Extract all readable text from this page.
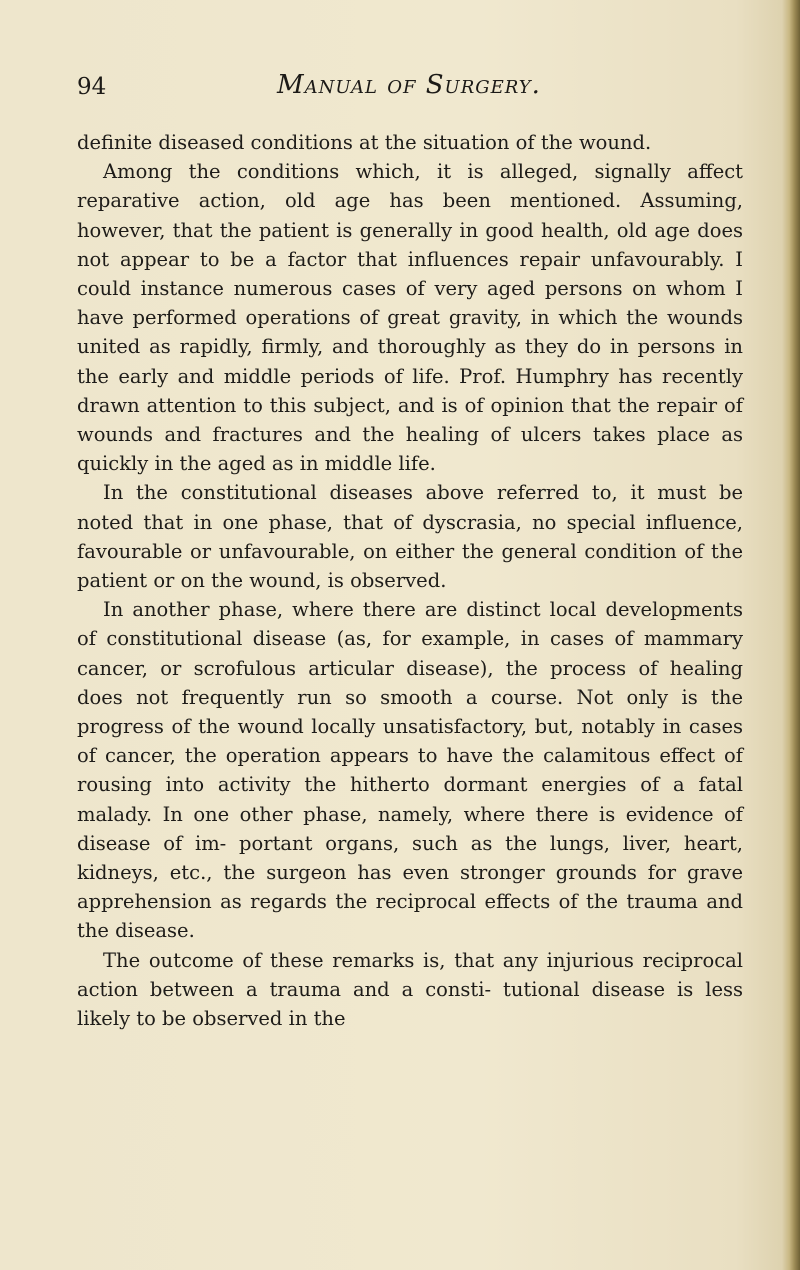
94	Manual of Surgery.

definite diseased conditions at the situation of the wound.

Among the conditions which, it is alleged, signally affect reparative action, old age has been mentioned. Assuming, however, that the patient is generally in good health, old age does not appear to be a factor that influences repair unfavourably. I could instance numerous cases of very aged persons on whom I have performed operations of great gravity, in which the wounds united as rapidly, firmly, and thoroughly as they do in persons in the early and middle periods of life. Prof. Humphry has recently drawn attention to this subject, and is of opinion that the repair of wounds and fractures and the healing of ulcers takes place as quickly in the aged as in middle life.

In the constitutional diseases above referred to, it must be noted that in one phase, that of dyscrasia, no special influence, favourable or unfavourable, on either the general condition of the patient or on the wound, is observed.

In another phase, where there are distinct local developments of constitutional disease (as, for example, in cases of mammary cancer, or scrofulous articular disease), the process of healing does not frequently run so smooth a course. Not only is the progress of the wound locally unsatisfactory, but, notably in cases of cancer, the operation appears to have the calamitous effect of rousing into activity the hitherto dormant energies of a fatal malady. In one other phase, namely, where there is evidence of disease of im- portant organs, such as the lungs, liver, heart, kidneys, etc., the surgeon has even stronger grounds for grave apprehension as regards the reciprocal effects of the trauma and the disease.

The outcome of these remarks is, that any injurious reciprocal action between a trauma and a consti- tutional disease is less likely to be observed in the
